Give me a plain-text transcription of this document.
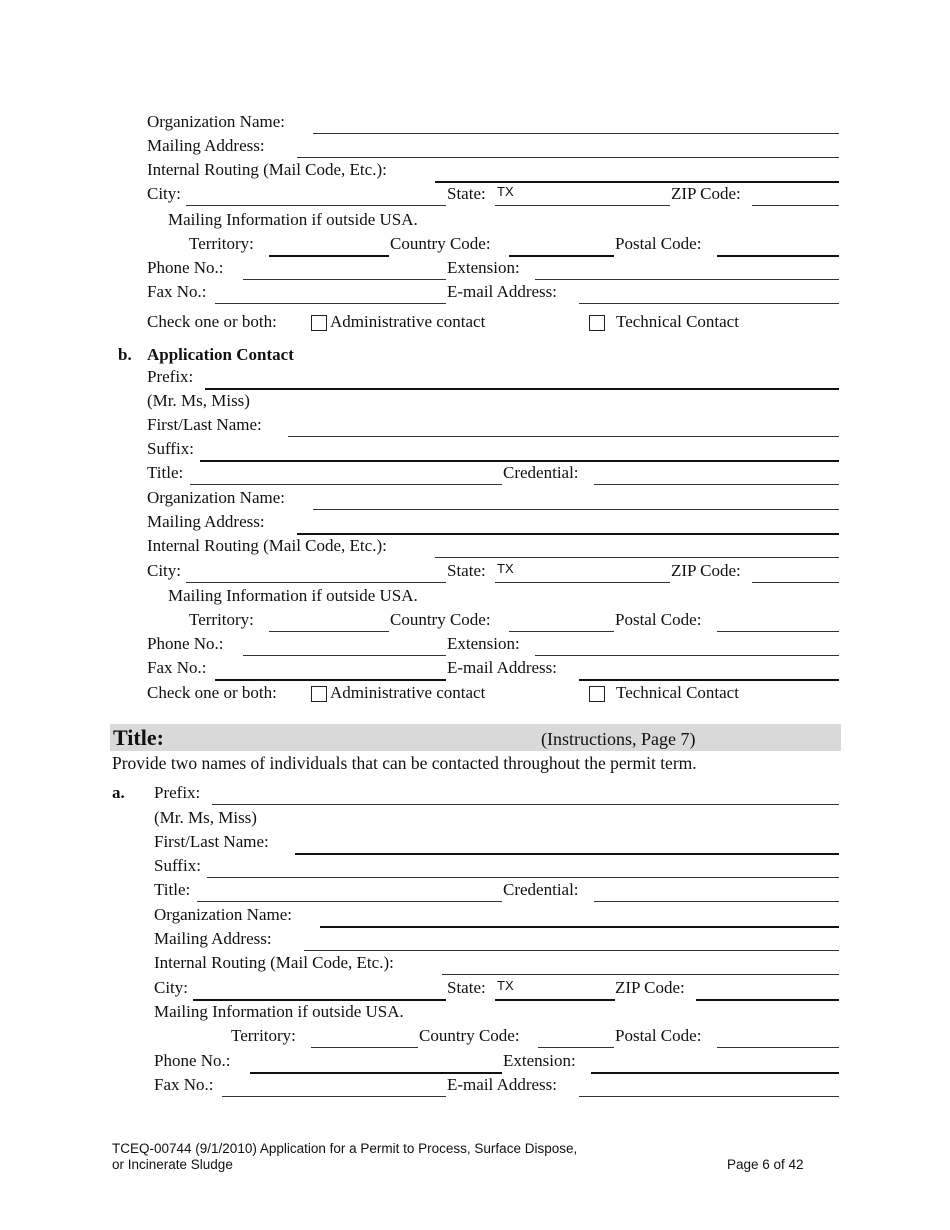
Organization Name:
Mailing Address:
Internal Routing (Mail Code, Etc.):
City:	State: TX	ZIP Code:
Mailing Information if outside USA.
Territory:	Country Code:	Postal Code:
Phone No.:	Extension:
Fax No.:	E-mail Address:
Check one or both:	Administrative contact	Technical Contact
b. Application Contact
Prefix:
(Mr. Ms, Miss)
First/Last Name:
Suffix:
Title:	Credential:
Organization Name:
Mailing Address:
Internal Routing (Mail Code, Etc.):
City:	State: TX	ZIP Code:
Mailing Information if outside USA.
Territory:	Country Code:	Postal Code:
Phone No.:	Extension:
Fax No.:	E-mail Address:
Check one or both:	Administrative contact	Technical Contact
Title:	(Instructions, Page 7)
Provide two names of individuals that can be contacted throughout the permit term.
a. Prefix:
(Mr. Ms, Miss)
First/Last Name:
Suffix:
Title:	Credential:
Organization Name:
Mailing Address:
Internal Routing (Mail Code, Etc.):
City:	State: TX	ZIP Code:
Mailing Information if outside USA.
Territory:	Country Code:	Postal Code:
Phone No.:	Extension:
Fax No.:	E-mail Address:
TCEQ-00744 (9/1/2010) Application for a Permit to Process, Surface Dispose,
or Incinerate Sludge	Page 6 of 42
